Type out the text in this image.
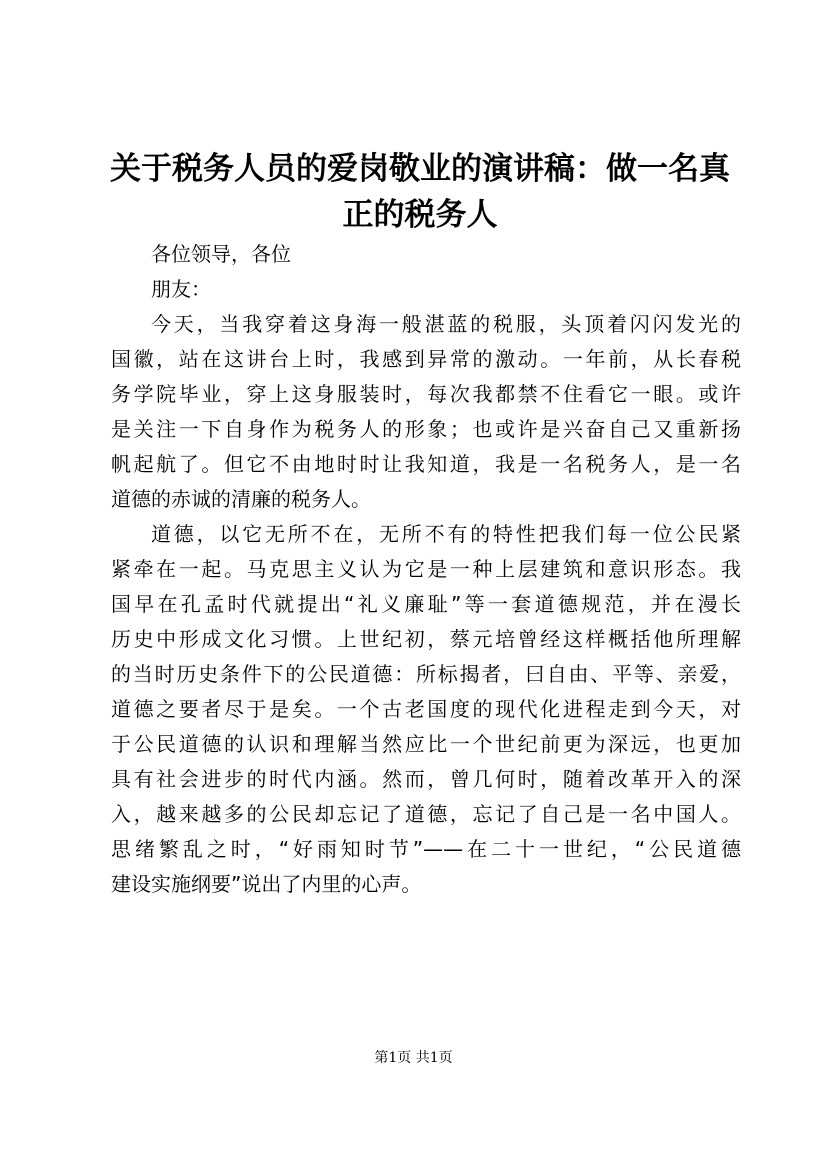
关于税务人员的爱岗敬业的演讲稿：做一名真
正的税务人

各位领导，各位

朋友：

今天，当我穿着这身海一般湛蓝的税服，头顶着闪闪发光的
国徽，站在这讲台上时，我感到异常的激动。一年前，从长春税
务学院毕业，穿上这身服装时，每次我都禁不住看它一眼。或许
是关注一下自身作为税务人的形象；也或许是兴奋自己又重新扬
帆起航了。但它不由地时时让我知道，我是一名税务人，是一名
道德的赤诚的清廉的税务人。

道德，以它无所不在，无所不有的特性把我们每一位公民紧
紧牵在一起。马克思主义认为它是一种上层建筑和意识形态。我
国早在孔孟时代就提出“礼义廉耻”等一套道德规范，并在漫长
历史中形成文化习惯。上世纪初，蔡元培曾经这样概括他所理解
的当时历史条件下的公民道德：所标揭者，曰自由、平等、亲爱，
道德之要者尽于是矣。一个古老国度的现代化进程走到今天，对
于公民道德的认识和理解当然应比一个世纪前更为深远，也更加
具有社会进步的时代内涵。然而，曾几何时，随着改革开入的深
入，越来越多的公民却忘记了道德，忘记了自己是一名中国人。
思绪繁乱之时，“好雨知时节”——在二十一世纪，“公民道德
建设实施纲要”说出了内里的心声。

第1页 共1页
